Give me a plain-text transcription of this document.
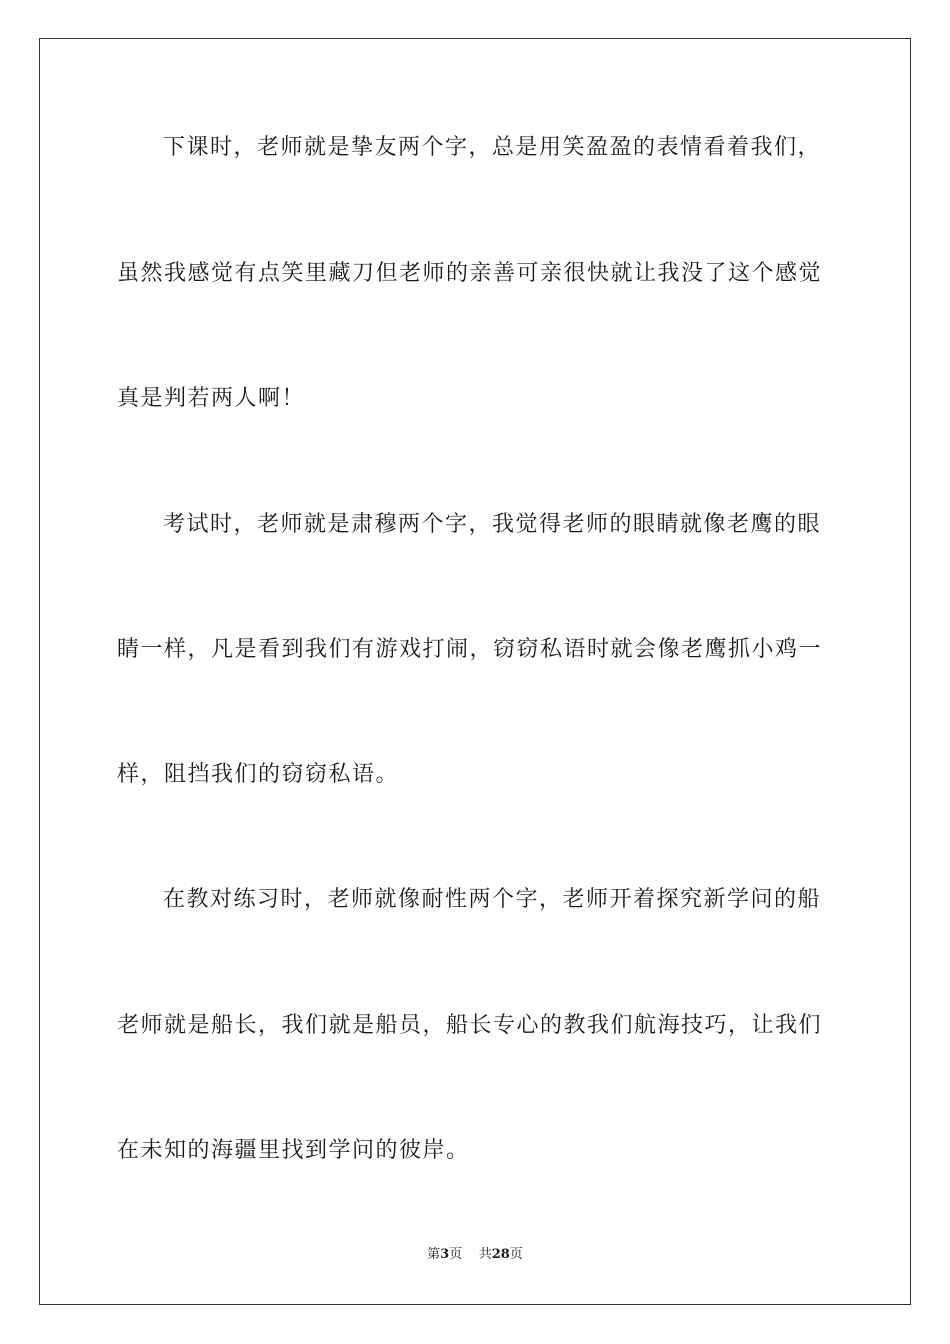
下课时，老师就是挚友两个字，总是用笑盈盈的表情看着我们，
虽然我感觉有点笑里藏刀但老师的亲善可亲很快就让我没了这个感觉
真是判若两人啊！
考试时，老师就是肃穆两个字，我觉得老师的眼睛就像老鹰的眼
睛一样，凡是看到我们有游戏打闹，窃窃私语时就会像老鹰抓小鸡一
样，阻挡我们的窃窃私语。
在教对练习时，老师就像耐性两个字，老师开着探究新学问的船
老师就是船长，我们就是船员，船长专心的教我们航海技巧，让我们
在未知的海疆里找到学问的彼岸。
第3页 共28页
